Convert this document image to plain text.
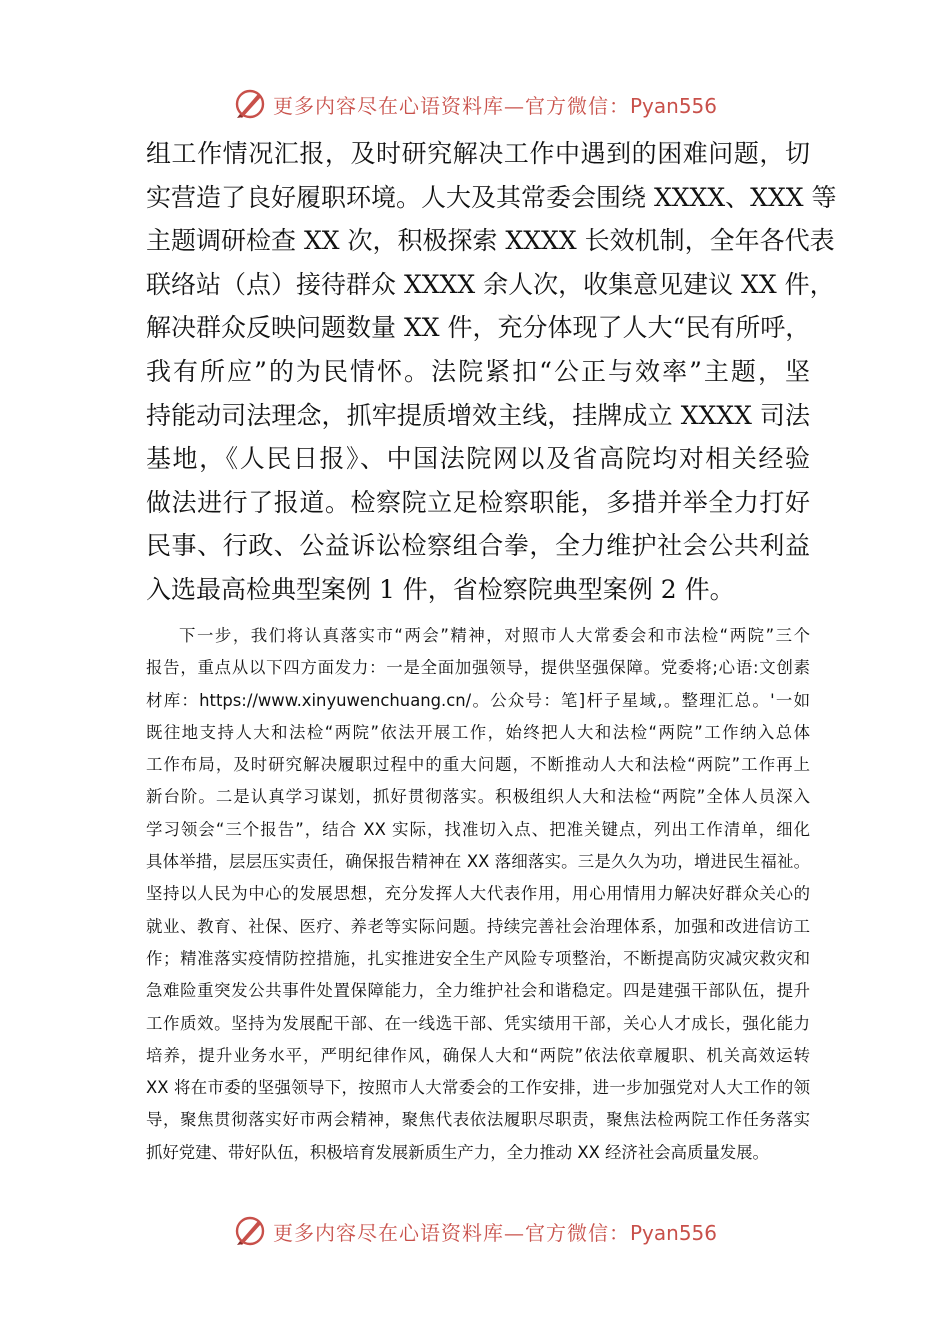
更多内容尽在心语资料库—官方微信：Pyan556
组工作情况汇报，及时研究解决工作中遇到的困难问题，切
实营造了良好履职环境。人大及其常委会围绕 XXXX、XXX 等
主题调研检查 XX 次，积极探索 XXXX 长效机制，全年各代表
联络站（点）接待群众 XXXX 余人次，收集意见建议 XX 件，
解决群众反映问题数量 XX 件，充分体现了人大“民有所呼，
我有所应”的为民情怀。法院紧扣“公正与效率”主题，坚
持能动司法理念，抓牢提质增效主线，挂牌成立 XXXX 司法
基地，《人民日报》、中国法院网以及省高院均对相关经验
做法进行了报道。检察院立足检察职能，多措并举全力打好
民事、行政、公益诉讼检察组合拳，全力维护社会公共利益
入选最高检典型案例 1 件，省检察院典型案例 2 件。
下一步，我们将认真落实市“两会”精神，对照市人大常委会和市法检“两院”三个
报告，重点从以下四方面发力：一是全面加强领导，提供坚强保障。党委将;心语:文创素
材库：https://www.xinyuwenchuang.cn/。公众号：笔]杆子星域,。整理汇总。'一如
既往地支持人大和法检“两院”依法开展工作，始终把人大和法检“两院”工作纳入总体
工作布局，及时研究解决履职过程中的重大问题，不断推动人大和法检“两院”工作再上
新台阶。二是认真学习谋划，抓好贯彻落实。积极组织人大和法检“两院”全体人员深入
学习领会“三个报告”，结合 XX 实际，找准切入点、把准关键点，列出工作清单，细化
具体举措，层层压实责任，确保报告精神在 XX 落细落实。三是久久为功，增进民生福祉。
坚持以人民为中心的发展思想，充分发挥人大代表作用，用心用情用力解决好群众关心的
就业、教育、社保、医疗、养老等实际问题。持续完善社会治理体系，加强和改进信访工
作；精准落实疫情防控措施，扎实推进安全生产风险专项整治，不断提高防灾减灾救灾和
急难险重突发公共事件处置保障能力，全力维护社会和谐稳定。四是建强干部队伍，提升
工作质效。坚持为发展配干部、在一线选干部、凭实绩用干部，关心人才成长，强化能力
培养，提升业务水平，严明纪律作风，确保人大和“两院”依法依章履职、机关高效运转
XX 将在市委的坚强领导下，按照市人大常委会的工作安排，进一步加强党对人大工作的领
导，聚焦贯彻落实好市两会精神，聚焦代表依法履职尽职责，聚焦法检两院工作任务落实
抓好党建、带好队伍，积极培育发展新质生产力，全力推动 XX 经济社会高质量发展。
更多内容尽在心语资料库—官方微信：Pyan556
